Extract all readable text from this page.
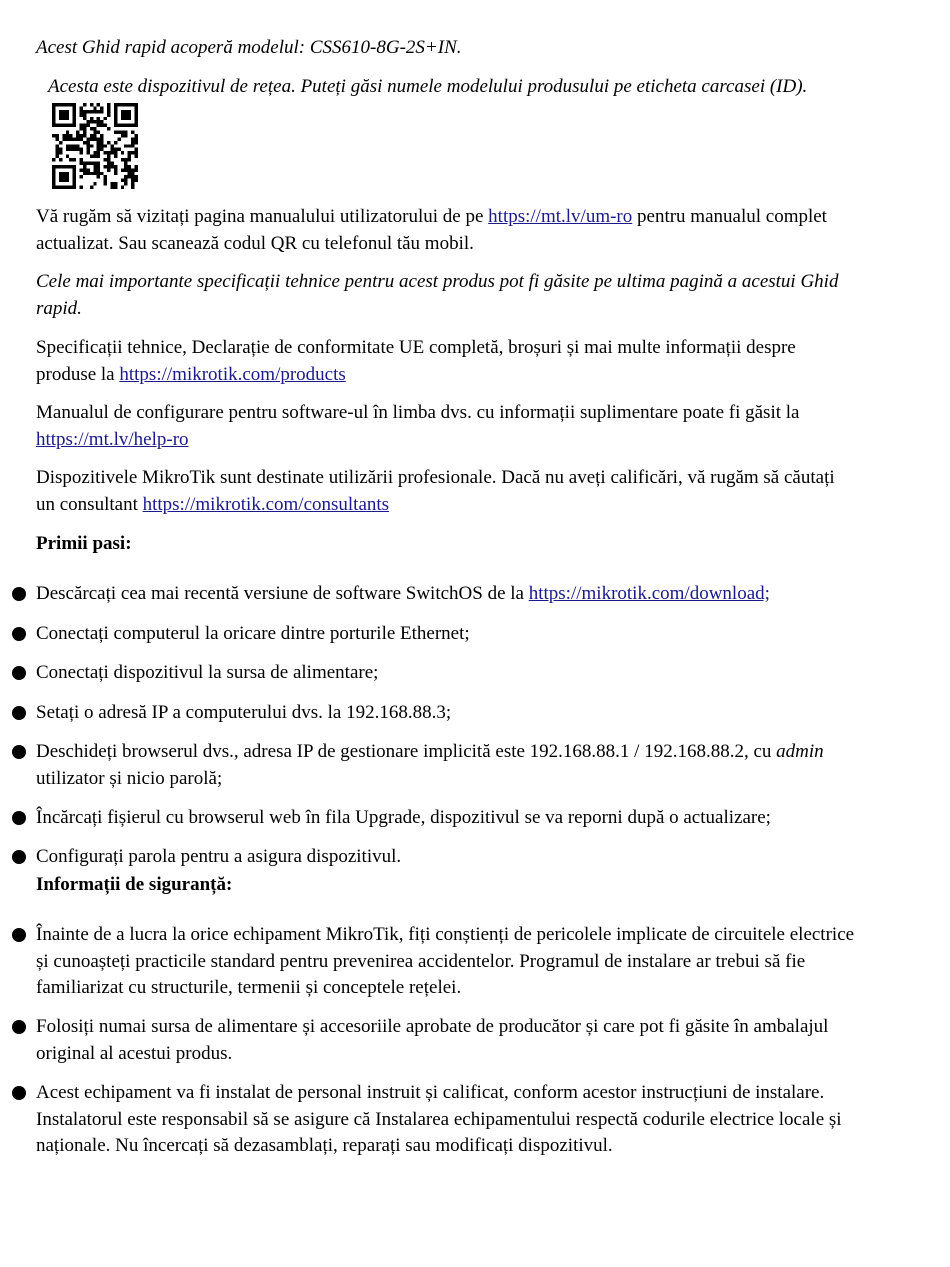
Acest Ghid rapid acoperă modelul: CSS610-8G-2S+IN.

Acesta este dispozitivul de rețea. Puteți găsi numele modelului produsului pe eticheta carcasei (ID).

Vă rugăm să vizitați pagina manualului utilizatorului de pe https://mt.lv/um-ro pentru manualul complet actualizat. Sau scanează codul QR cu telefonul tău mobil.

Cele mai importante specificații tehnice pentru acest produs pot fi găsite pe ultima pagină a acestui Ghid rapid.

Specificații tehnice, Declarație de conformitate UE completă, broșuri și mai multe informații despre produse la https://mikrotik.com/products

Manualul de configurare pentru software-ul în limba dvs. cu informații suplimentare poate fi găsit la https://mt.lv/help-ro

Dispozitivele MikroTik sunt destinate utilizării profesionale. Dacă nu aveți calificări, vă rugăm să căutați un consultant https://mikrotik.com/consultants

Primii pasi:

Descărcați cea mai recentă versiune de software SwitchOS de la https://mikrotik.com/download;

Conectați computerul la oricare dintre porturile Ethernet;

Conectați dispozitivul la sursa de alimentare;

Setați o adresă IP a computerului dvs. la 192.168.88.3;

Deschideți browserul dvs., adresa IP de gestionare implicită este 192.168.88.1 / 192.168.88.2, cu admin utilizator și nicio parolă;

Încărcați fișierul cu browserul web în fila Upgrade, dispozitivul se va reporni după o actualizare;

Configurați parola pentru a asigura dispozitivul.

Informații de siguranță:

Înainte de a lucra la orice echipament MikroTik, fiți conștienți de pericolele implicate de circuitele electrice și cunoașteți practicile standard pentru prevenirea accidentelor. Programul de instalare ar trebui să fie familiarizat cu structurile, termenii și conceptele rețelei.

Folosiți numai sursa de alimentare și accesoriile aprobate de producător și care pot fi găsite în ambalajul original al acestui produs.

Acest echipament va fi instalat de personal instruit și calificat, conform acestor instrucțiuni de instalare. Instalatorul este responsabil să se asigure că Instalarea echipamentului respectă codurile electrice locale și naționale. Nu încercați să dezasamblați, reparați sau modificați dispozitivul.
